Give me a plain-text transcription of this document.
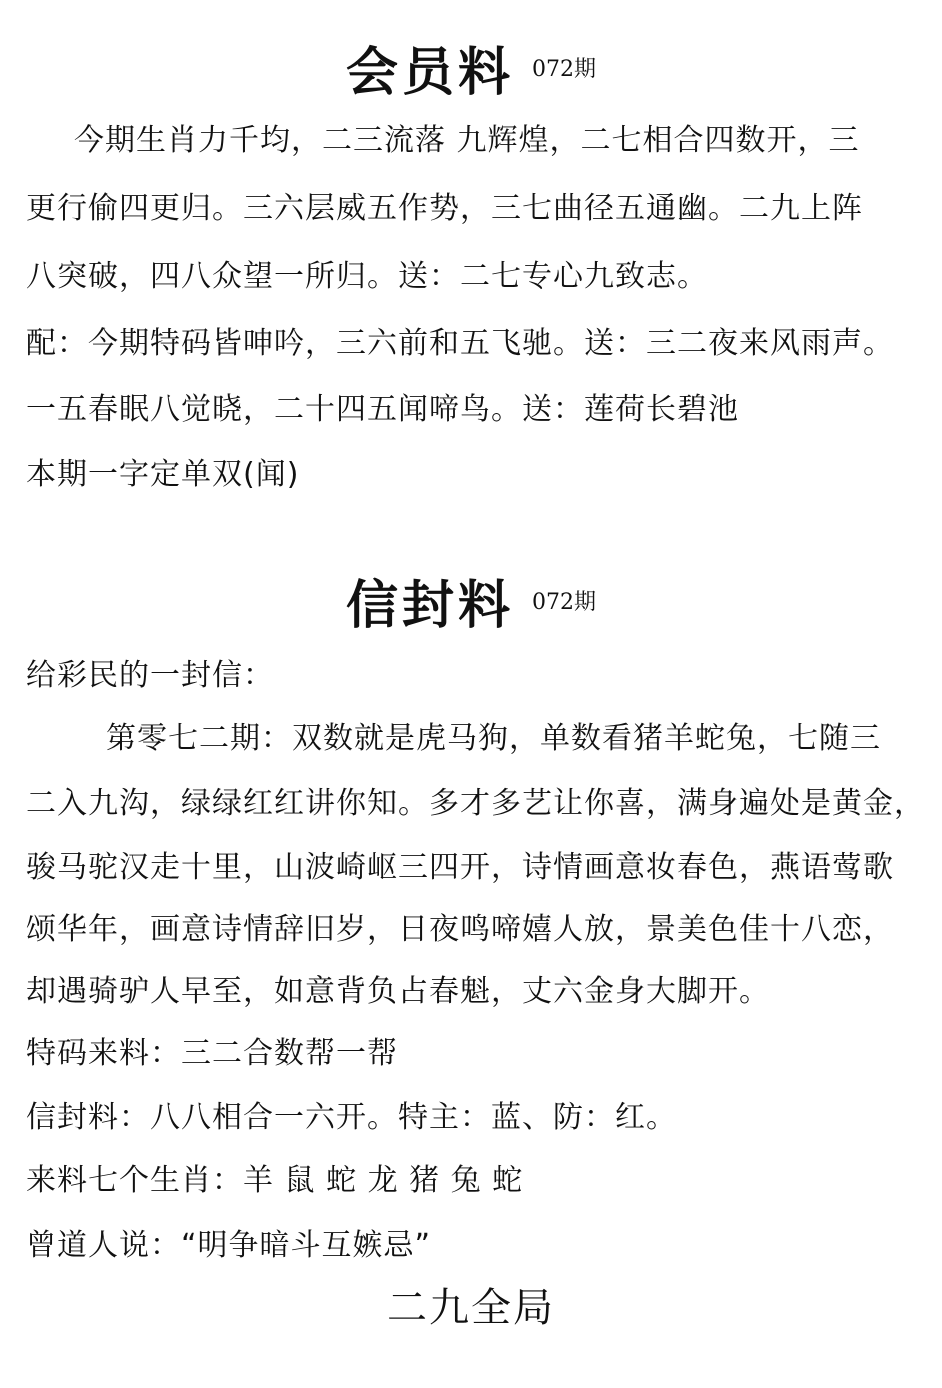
会员料 072期
今期生肖力千均，二三流落 九辉煌，二七相合四数开，三
更行偷四更归。三六层威五作势，三七曲径五通幽。二九上阵
八突破，四八众望一所归。送：二七专心九致志。
配：今期特码皆呻吟，三六前和五飞驰。送：三二夜来风雨声。
一五春眠八觉晓，二十四五闻啼鸟。送：莲荷长碧池
本期一字定单双(闻)
信封料 072期
给彩民的一封信：
第零七二期：双数就是虎马狗，单数看猪羊蛇兔，七随三
二入九沟，绿绿红红讲你知。多才多艺让你喜，满身遍处是黄金，
骏马驼汉走十里，山波崎岖三四开，诗情画意妆春色，燕语莺歌
颂华年，画意诗情辞旧岁，日夜鸣啼嬉人放，景美色佳十八恋，
却遇骑驴人早至，如意背负占春魁，丈六金身大脚开。
特码来料：三二合数帮一帮
信封料：八八相合一六开。特主：蓝、防：红。
来料七个生肖：羊 鼠 蛇 龙 猪 兔 蛇
曾道人说：“明争暗斗互嫉忌”
二九全局
